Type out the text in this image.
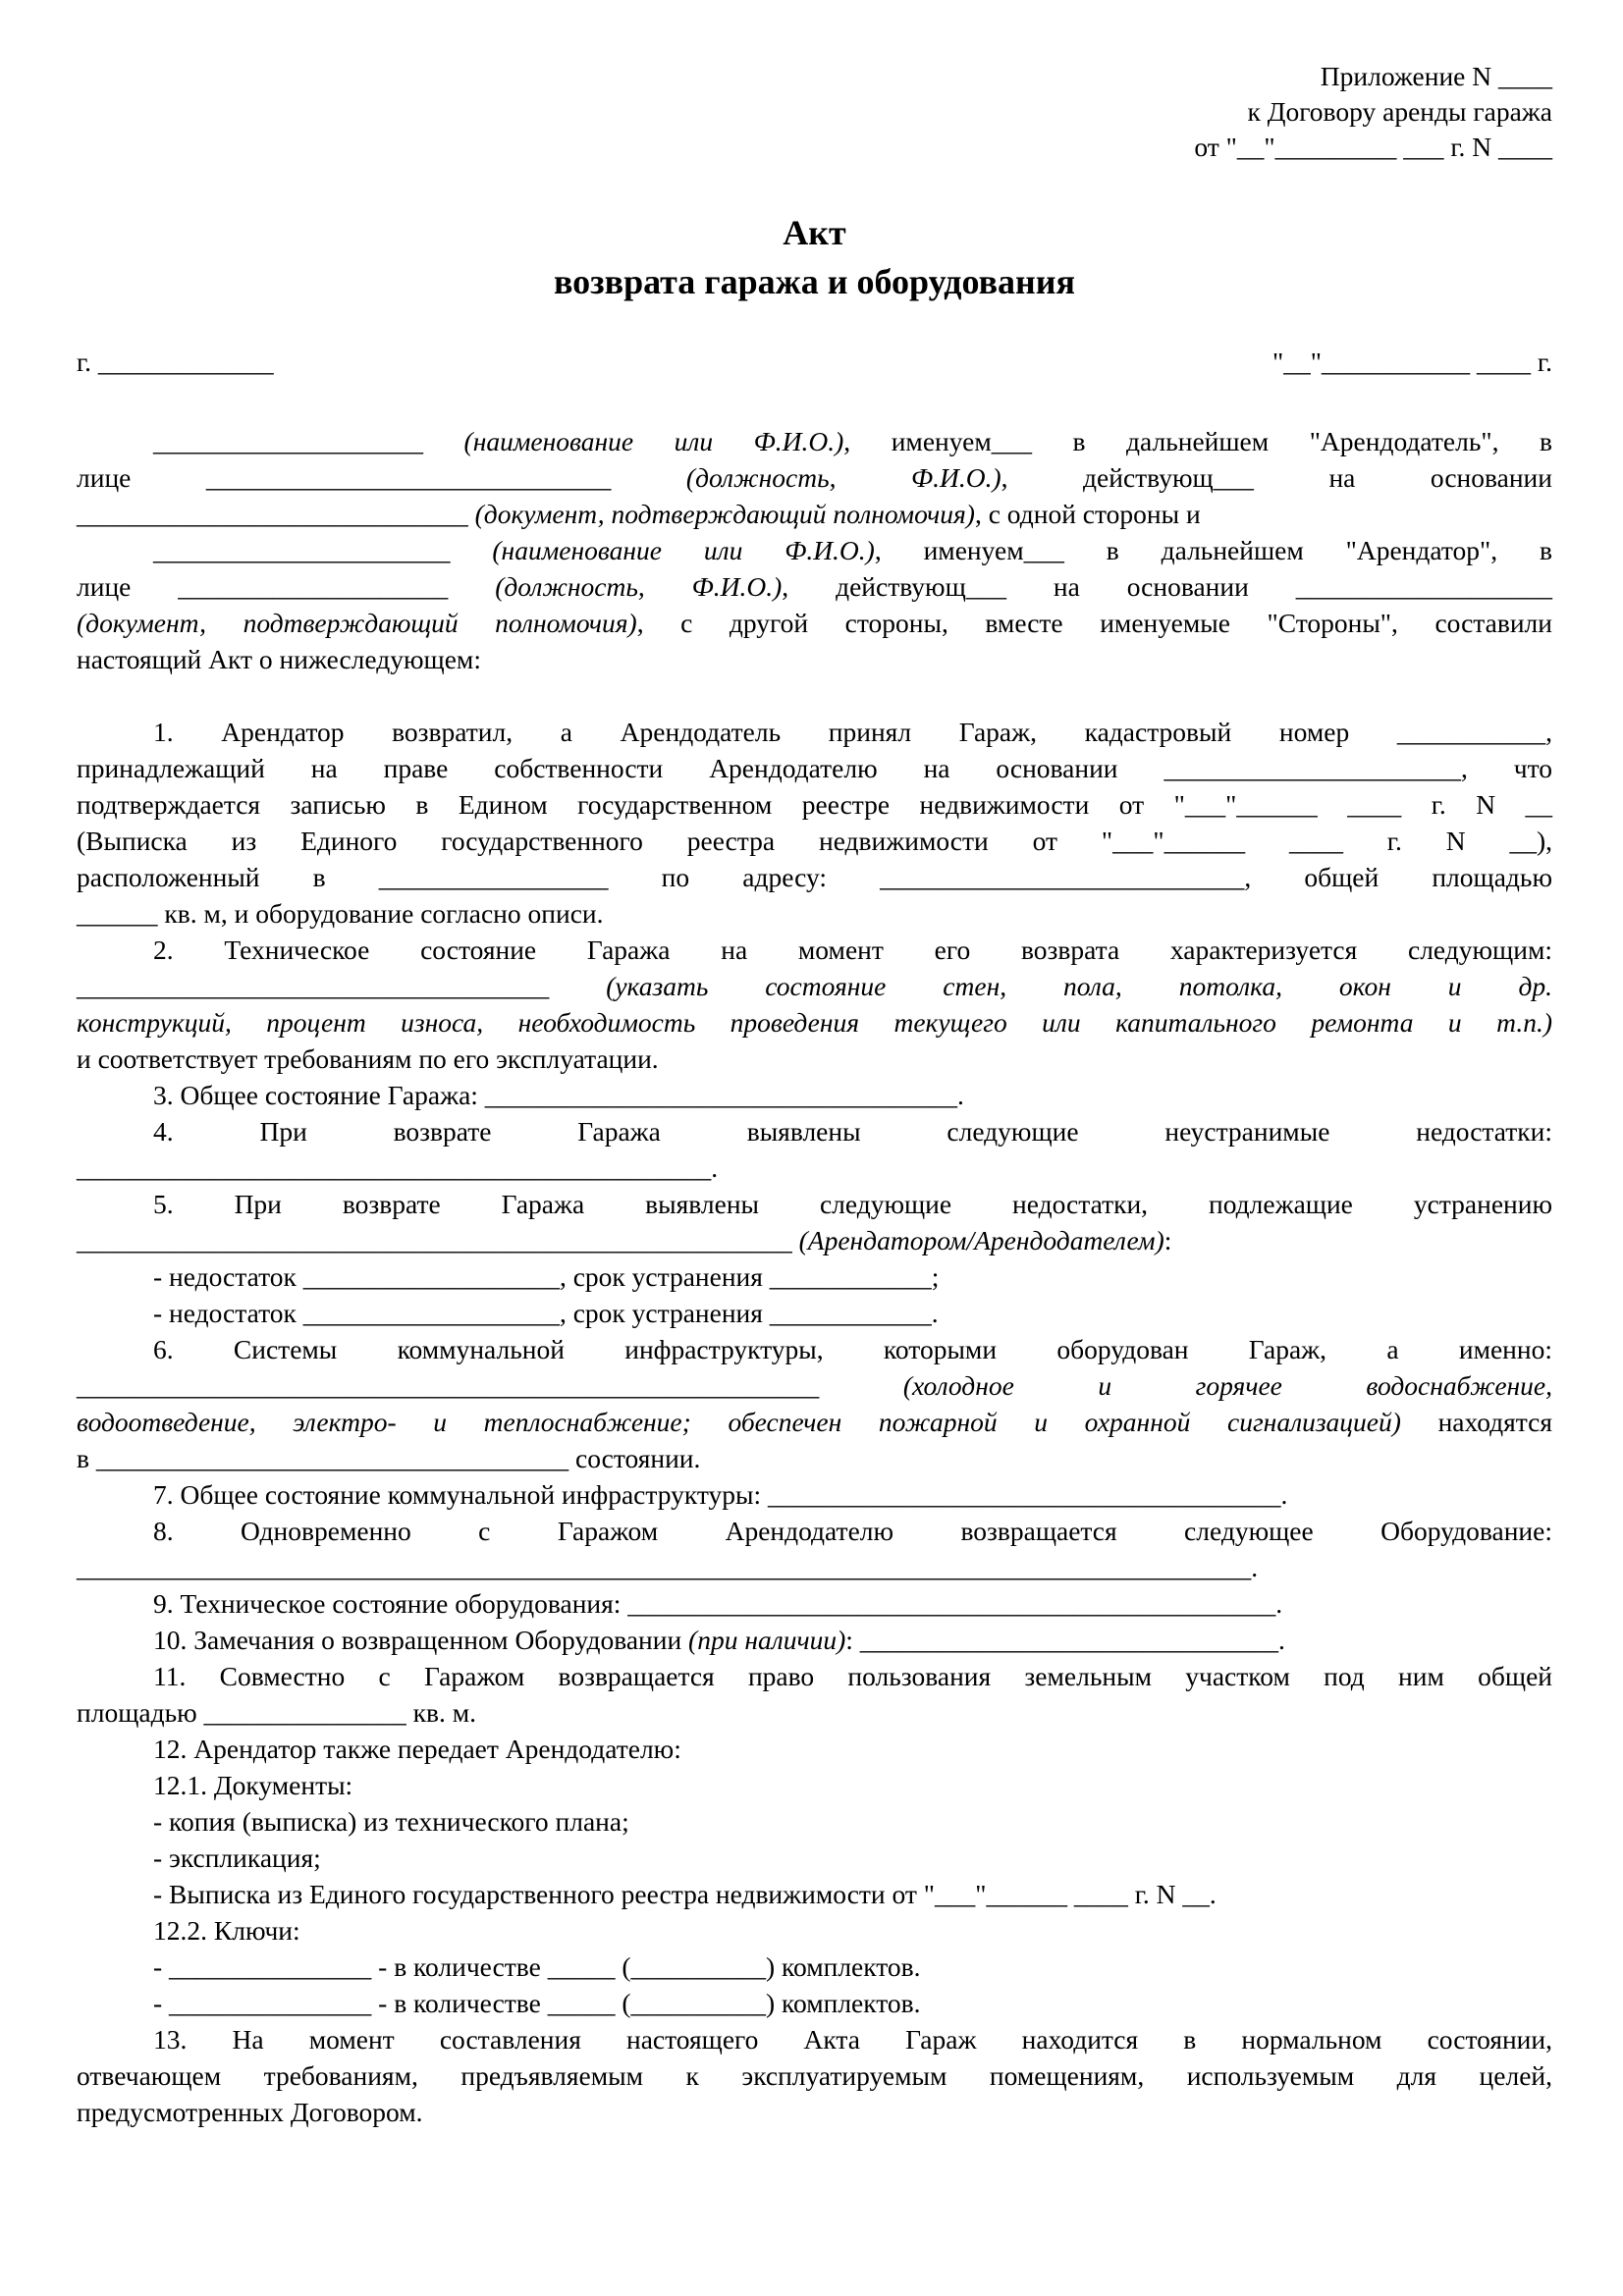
Приложение N ____
к Договору аренды гаража
от "__"_________ ___ г. N ____
Акт
возврата гаража и оборудования
г. _____________	"__"___________ ____ г.
____________________ (наименование или Ф.И.О.), именуем___ в дальнейшем "Арендодатель", в
лице ______________________________ (должность, Ф.И.О.), действующ___ на основании
_____________________________ (документ, подтверждающий полномочия), с одной стороны и
______________________ (наименование или Ф.И.О.), именуем___ в дальнейшем "Арендатор", в
лице ____________________ (должность, Ф.И.О.), действующ___ на основании ___________________
(документ, подтверждающий полномочия), с другой стороны, вместе именуемые "Стороны", составили
настоящий Акт о нижеследующем:
1. Арендатор возвратил, а Арендодатель принял Гараж, кадастровый номер ___________,
принадлежащий на праве собственности Арендодателю на основании ______________________, что
подтверждается записью в Едином государственном реестре недвижимости от "___"______ ____ г. N __
(Выписка из Единого государственного реестра недвижимости от "___"______ ____ г. N __),
расположенный в _________________ по адресу: ___________________________, общей площадью
______ кв. м, и оборудование согласно описи.
2. Техническое состояние Гаража на момент его возврата характеризуется следующим:
___________________________________ (указать состояние стен, пола, потолка, окон и др.
конструкций, процент износа, необходимость проведения текущего или капитального ремонта и т.п.)
и соответствует требованиям по его эксплуатации.
3. Общее состояние Гаража: ___________________________________.
4. При возврате Гаража выявлены следующие неустранимые недостатки:
_______________________________________________.
5. При возврате Гаража выявлены следующие недостатки, подлежащие устранению
_____________________________________________________ (Арендатором/Арендодателем):
- недостаток ___________________, срок устранения ____________;
- недостаток ___________________, срок устранения ____________.
6. Системы коммунальной инфраструктуры, которыми оборудован Гараж, а именно:
_______________________________________________________ (холодное и горячее водоснабжение,
водоотведение, электро- и теплоснабжение; обеспечен пожарной и охранной сигнализацией) находятся
в ___________________________________ состоянии.
7. Общее состояние коммунальной инфраструктуры: ______________________________________.
8. Одновременно с Гаражом Арендодателю возвращается следующее Оборудование:
_______________________________________________________________________________________.
9. Техническое состояние оборудования: ________________________________________________.
10. Замечания о возвращенном Оборудовании (при наличии): _______________________________.
11. Совместно с Гаражом возвращается право пользования земельным участком под ним общей
площадью _______________ кв. м.
12. Арендатор также передает Арендодателю:
12.1. Документы:
- копия (выписка) из технического плана;
- экспликация;
- Выписка из Единого государственного реестра недвижимости от "___"______ ____ г. N __.
12.2. Ключи:
- _______________ - в количестве _____ (__________) комплектов.
- _______________ - в количестве _____ (__________) комплектов.
13. На момент составления настоящего Акта Гараж находится в нормальном состоянии,
отвечающем требованиям, предъявляемым к эксплуатируемым помещениям, используемым для целей,
предусмотренных Договором.
